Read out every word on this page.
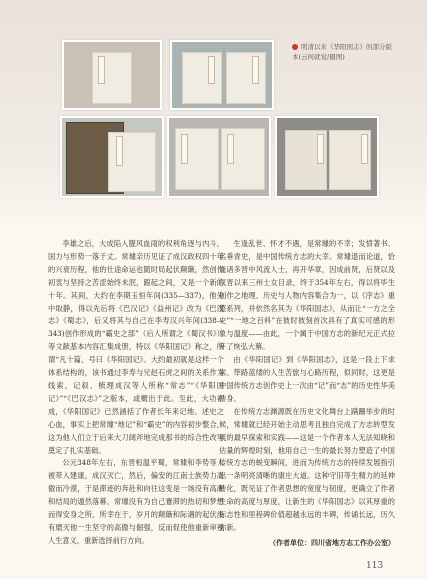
明清以来《华阳国志》的部分版本(云何就觉/摄图)

李雄之后，大成陷入腥风血雨的权利角逐与内斗，国力与形势一落千丈。常璩亲历见证了成汉政权四十年的兴衰历程，他的仕途命运也随时局起伏颠簸，然创作初衷与坚持之苦涩始终未泯，跟起之间，又是一个新的十年。其间，大约在李期玉恒年间(335—337)，他先中取静，得以先后将《巴汉记》《益州记》改为《巴汉志》《蜀志》，后又将其与自己在李寿汉兴年间(338—343)创作形成的“霸史之部”（后人所谓之《蜀汉书》）等文献基本内容汇集成册，特以《华阳国记》称之，所谓“凡十篇，号曰《华阳国记》。大约最初就是这样一个体系结构的，该书通过李寿与兄赵石虎之间的关系作为线索，记叙、梳理成汉等人所称“常志”“《华阳国记》”“《巴汉志》”之版本，或概出于此。至此，大功初成，《华阳国记》已然涵括了作者长年来记地、述史之心血，事实上把常璩“地记”和“霸史”的内容初步整合，这为他人们立于后来大刀阔斧地完成那书的综合性改写奠定了扎实基础。

公元348年左右，东晋桓温平蜀，常璩和李势等人被带入建康，成汉灭亡，然后，偏安的江南士族势力高傲而冷漠，于是滞迹的奔赴和向往这变是一场没有高潮和结局的遁然落幕。常璩没有为自己蹇滞的热切和梦想而得安身之所，所幸在于，岁月的颠簸和际遇的起伏没有磨灭他一生坚守的高傲与倔强，反而促使他重新审视人生意义，重新选择前行方向。

生逢乱世、怀才不遇，是常璩的不幸；发愤著书、名垂青史，是中国传统方志的大幸。常璩退而论道，恰逢诸多晋中风流人士，再开华章，因成前贤，后贤以及汉晋以来三州士女目录，终于354年左右，得以将毕生创作之地理、历史与人物内容集合为一，以《序志》重整系列，并依然名其为《华阳国志》，从而让“一方之全史”“一地之百科”在彼时彼刻首次具有了真实可感的形象与温度——由此，一个属于中国方志的新纪元正式拉开了恢弘大幕。

由《华阳国记》到《华阳国志》，这是一段上下求索、筚路蓝缕的人生苦旅与心路历程，似同时，这更是中国传统方志创作史上一次由“记”而“志”的历史性华美转身。

在传统方志渊源既在历史文化舞台上蹒跚举步的时候，常璩就已经开始主动思考且独自完成了方志转型发展的最早探索和实践——这是一个作者本人无法知晓和估量的辉煌时刻，他用自己一生的最长努力塑造了中国传统方志的蜕变瞬间，进而为传统方志的持续发展指引出一条明亮清晰的康庄大道。这种守旧等生精力的延伸转化，既见证了作者思想的宽度与韧度，更确立了作者生命的高度与厚度，让新生的《华阳国志》以其厚重的标志性和里程碑价值超越永远的丰碑，传诵长远，历久弥新。

（作者单位：四川省地方志工作办公室）
113
